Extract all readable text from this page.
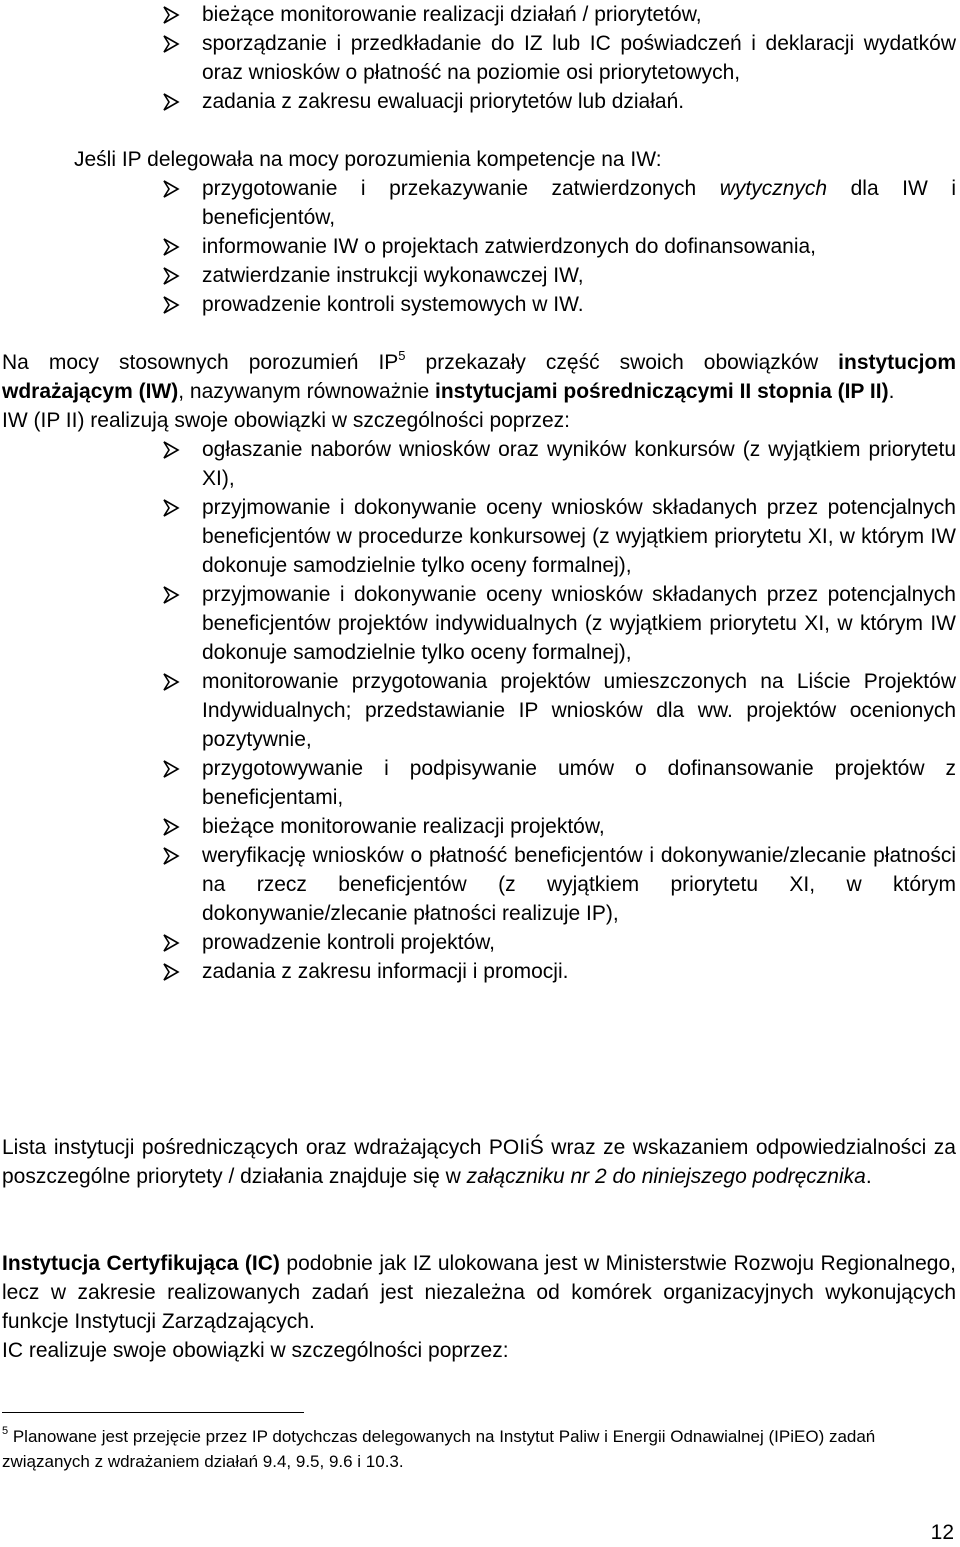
bieżące monitorowanie realizacji działań / priorytetów,
sporządzanie i przedkładanie do IZ lub IC poświadczeń i deklaracji wydatków oraz wniosków o płatność na poziomie osi priorytetowych,
zadania z zakresu ewaluacji priorytetów lub działań.

Jeśli IP delegowała na mocy porozumienia kompetencje na IW:

przygotowanie i przekazywanie zatwierdzonych wytycznych dla IW i beneficjentów,
informowanie IW o projektach zatwierdzonych do dofinansowania,
zatwierdzanie instrukcji wykonawczej IW,
prowadzenie kontroli systemowych w IW.

Na mocy stosownych porozumień $IP^5$ przekazały część swoich obowiązków instytucjom wdrażającym (IW), nazywanym równoważnie instytucjami pośredniczącymi II stopnia (IP II).

IW (IP II) realizują swoje obowiązki w szczególności poprzez:

ogłaszanie naborów wniosków oraz wyników konkursów (z wyjątkiem priorytetu XI),
przyjmowanie i dokonywanie oceny wniosków składanych przez potencjalnych beneficjentów w procedurze konkursowej (z wyjątkiem priorytetu XI, w którym IW dokonuje samodzielnie tylko oceny formalnej),
przyjmowanie i dokonywanie oceny wniosków składanych przez potencjalnych beneficjentów projektów indywidualnych (z wyjątkiem priorytetu XI, w którym IW dokonuje samodzielnie tylko oceny formalnej),
monitorowanie przygotowania projektów umieszczonych na Liście Projektów Indywidualnych; przedstawianie IP wniosków dla ww. projektów ocenionych pozytywnie,
przygotowywanie i podpisywanie umów o dofinansowanie projektów z beneficjentami,
bieżące monitorowanie realizacji projektów,
weryfikację wniosków o płatność beneficjentów i dokonywanie/zlecanie płatności na rzecz beneficjentów (z wyjątkiem priorytetu XI, w którym dokonywanie/zlecanie płatności realizuje IP),
prowadzenie kontroli projektów,
zadania z zakresu informacji i promocji.

Lista instytucji pośredniczących oraz wdrażających POIiŚ wraz ze wskazaniem odpowiedzialności za poszczególne priorytety / działania znajduje się w załączniku nr 2 do niniejszego podręcznika.

Instytucja Certyfikująca (IC) podobnie jak IZ ulokowana jest w Ministerstwie Rozwoju Regionalnego, lecz w zakresie realizowanych zadań jest niezależna od komórek organizacyjnych wykonujących funkcje Instytucji Zarządzających.

IC realizuje swoje obowiązki w szczególności poprzez:

$^5$ Planowane jest przejęcie przez IP dotychczas delegowanych na Instytut Paliw i Energii Odnawialnej (IPiEO) zadań związanych z wdrażaniem działań 9.4, 9.5, 9.6 i 10.3.
12
